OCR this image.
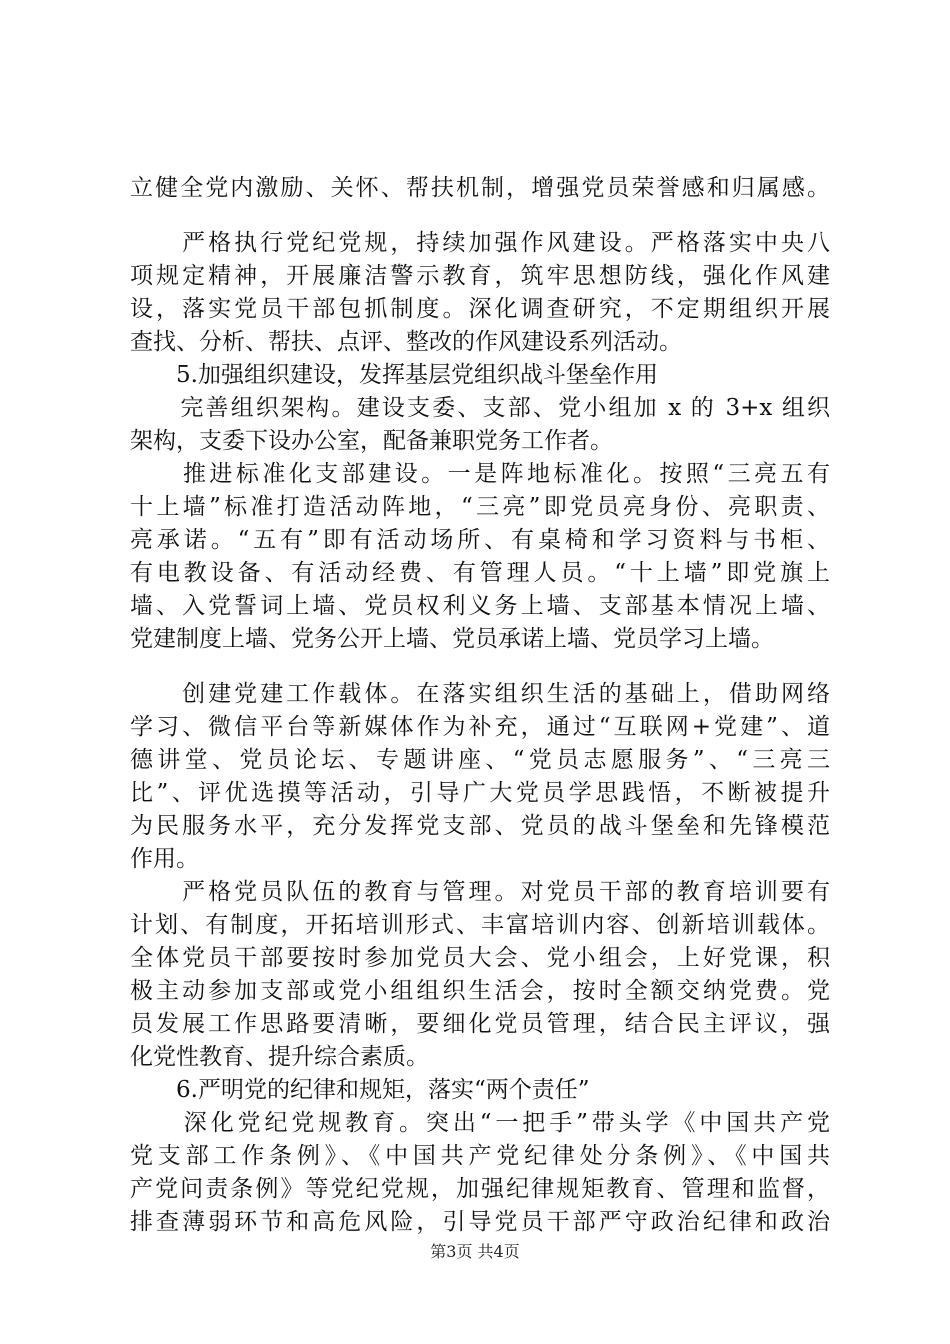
立健全党内激励、关怀、帮扶机制，增强党员荣誉感和归属感。
　　严格执行党纪党规，持续加强作风建设。严格落实中央八
项规定精神，开展廉洁警示教育，筑牢思想防线，强化作风建
设，落实党员干部包抓制度。深化调查研究，不定期组织开展
查找、分析、帮扶、点评、整改的作风建设系列活动。
　　5.加强组织建设，发挥基层党组织战斗堡垒作用
　　完善组织架构。建设支委、支部、党小组加 x 的 3+x 组织
架构，支委下设办公室，配备兼职党务工作者。
　　推进标准化支部建设。一是阵地标准化。按照“三亮五有
十上墙”标准打造活动阵地，“三亮”即党员亮身份、亮职责、
亮承诺。“五有”即有活动场所、有桌椅和学习资料与书柜、
有电教设备、有活动经费、有管理人员。“十上墙”即党旗上
墙、入党誓词上墙、党员权利义务上墙、支部基本情况上墙、
党建制度上墙、党务公开上墙、党员承诺上墙、党员学习上墙。
　　创建党建工作载体。在落实组织生活的基础上，借助网络
学习、微信平台等新媒体作为补充，通过“互联网+党建”、道
德讲堂、党员论坛、专题讲座、“党员志愿服务”、“三亮三
比”、评优选摸等活动，引导广大党员学思践悟，不断被提升
为民服务水平，充分发挥党支部、党员的战斗堡垒和先锋模范
作用。
　　严格党员队伍的教育与管理。对党员干部的教育培训要有
计划、有制度，开拓培训形式、丰富培训内容、创新培训载体。
全体党员干部要按时参加党员大会、党小组会，上好党课，积
极主动参加支部或党小组组织生活会，按时全额交纳党费。党
员发展工作思路要清晰，要细化党员管理，结合民主评议，强
化党性教育、提升综合素质。
　　6.严明党的纪律和规矩，落实“两个责任”
　　深化党纪党规教育。突出“一把手”带头学《中国共产党
党支部工作条例》、《中国共产党纪律处分条例》、《中国共
产党问责条例》等党纪党规，加强纪律规矩教育、管理和监督，
排查薄弱环节和高危风险，引导党员干部严守政治纪律和政治
第3页 共4页
